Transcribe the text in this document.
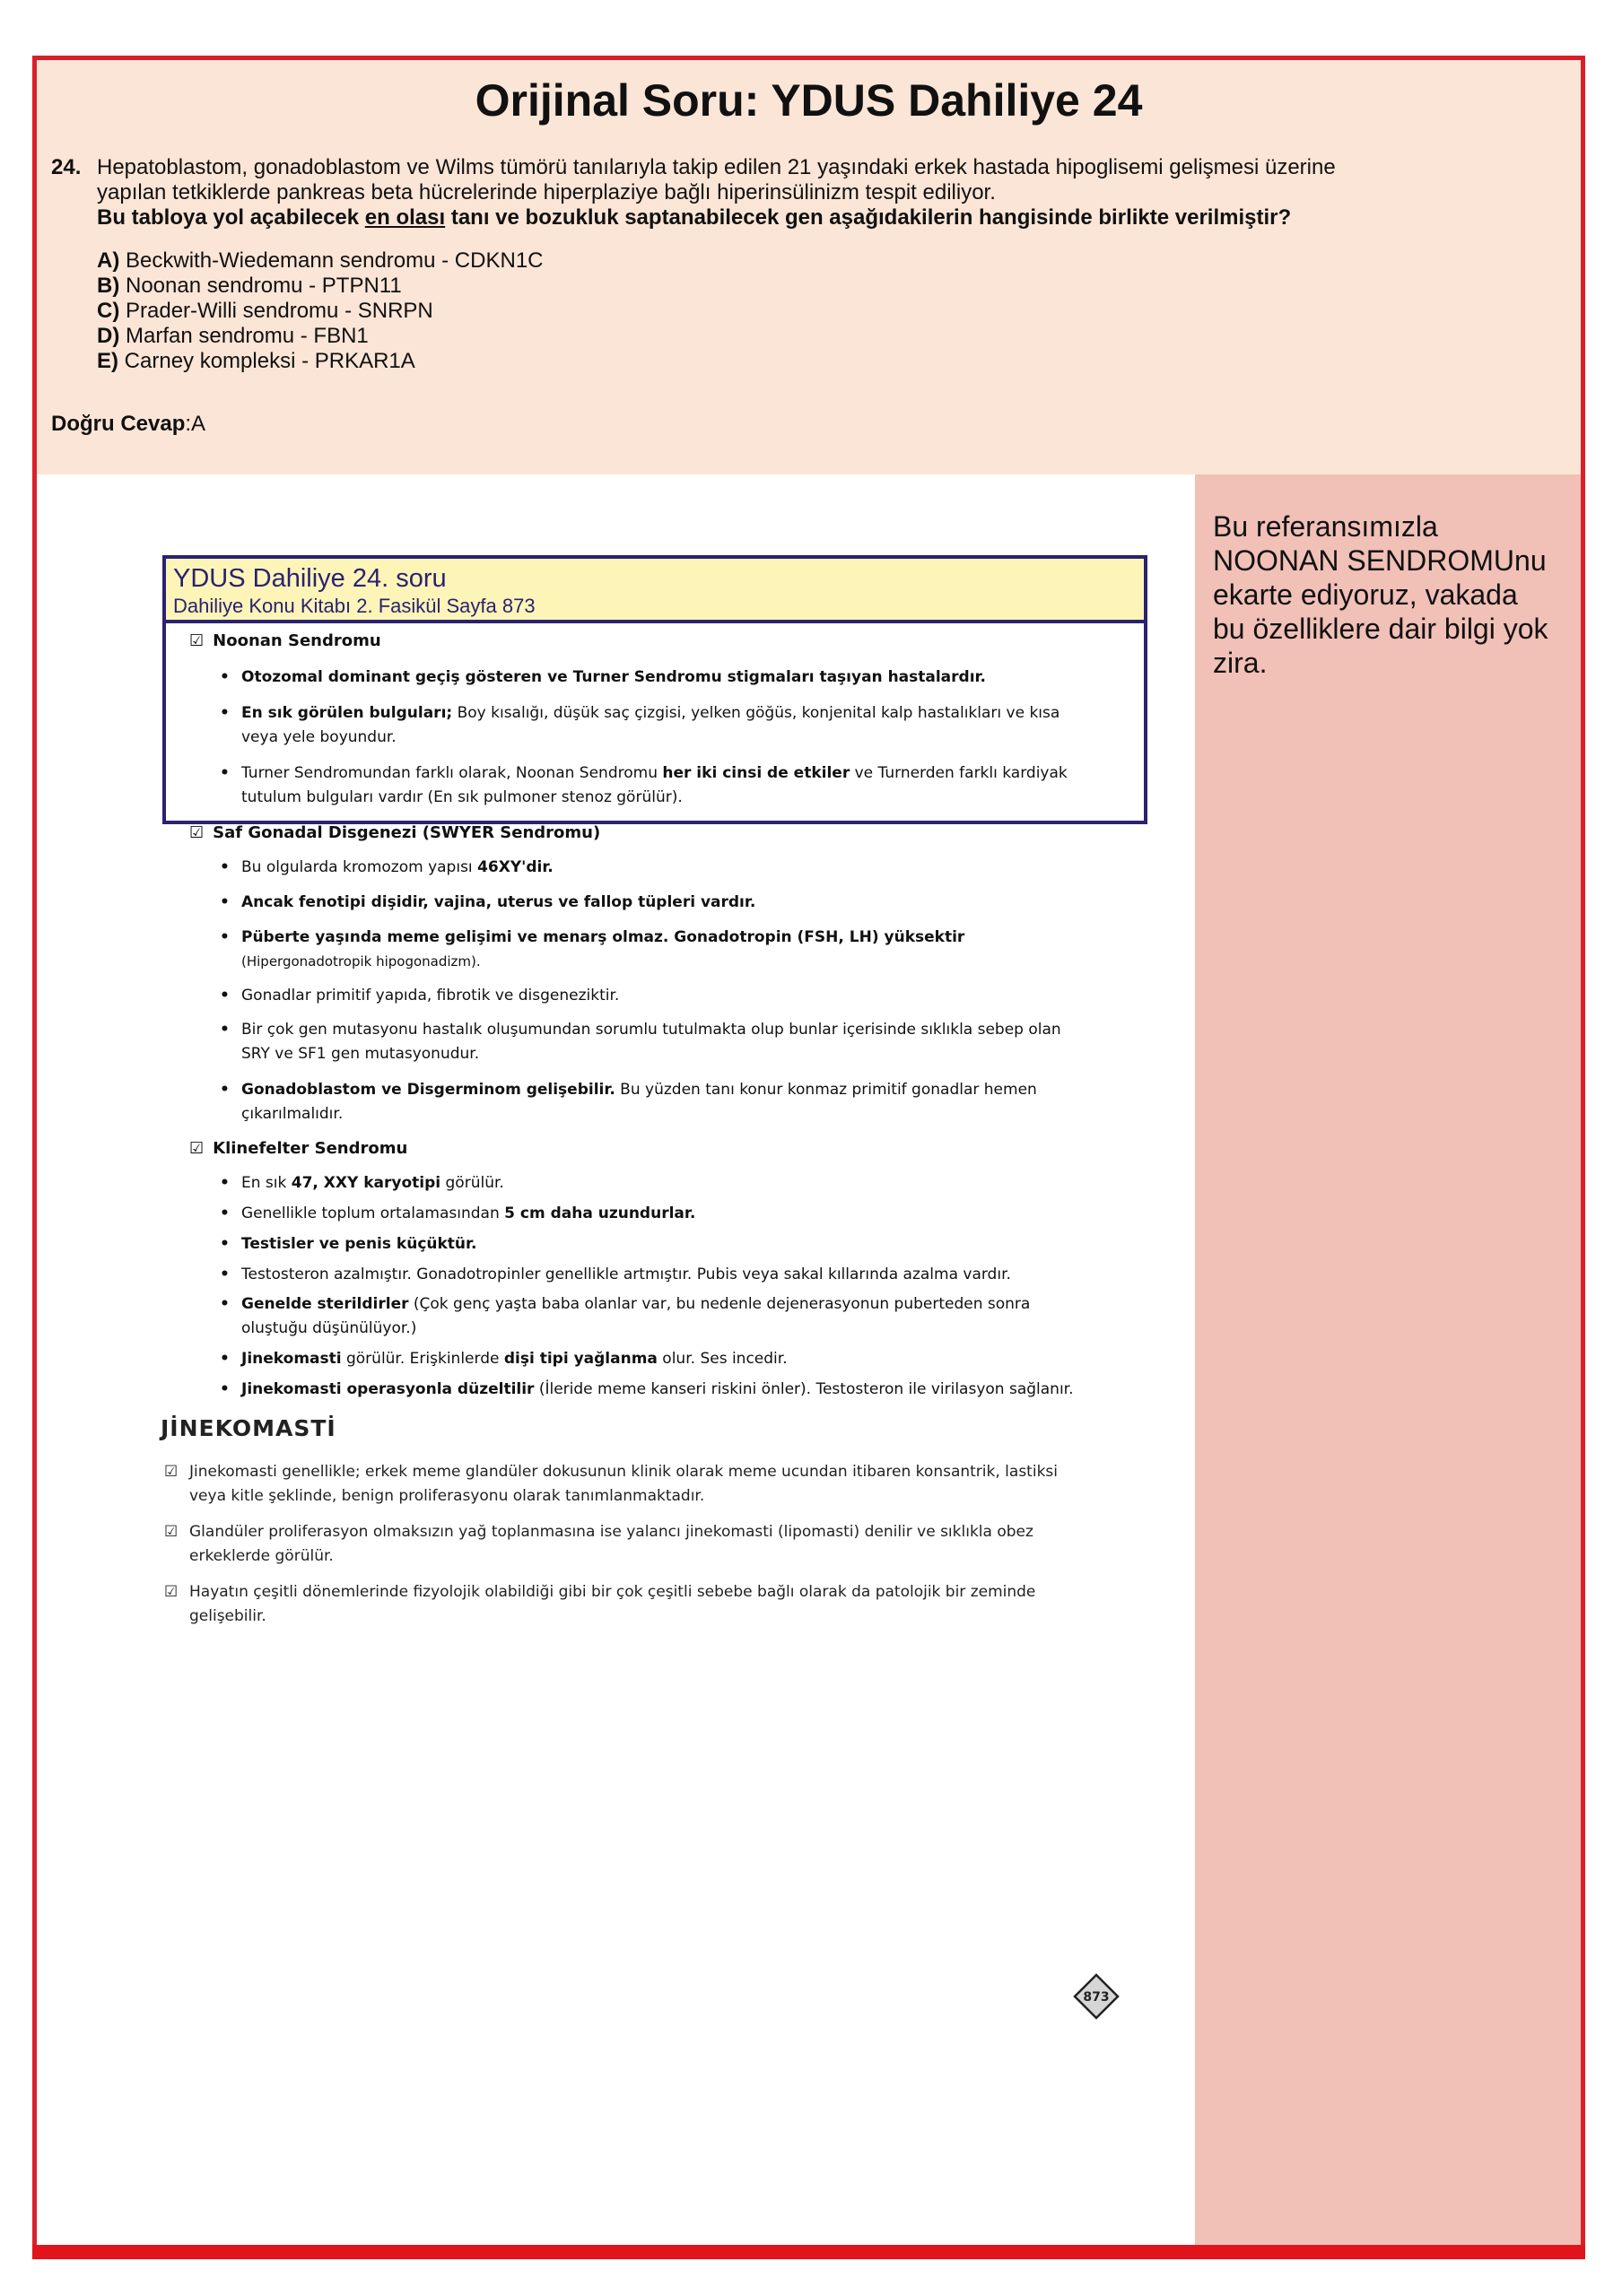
Orijinal Soru: YDUS Dahiliye 24
24. Hepatoblastom, gonadoblastom ve Wilms tümörü tanılarıyla takip edilen 21 yaşındaki erkek hastada hipoglisemi gelişmesi üzerine
yapılan tetkiklerde pankreas beta hücrelerinde hiperplaziye bağlı hiperinsülinizm tespit ediliyor.
Bu tabloya yol açabilecek en olası tanı ve bozukluk saptanabilecek gen aşağıdakilerin hangisinde birlikte verilmiştir?
A) Beckwith-Wiedemann sendromu - CDKN1C
B) Noonan sendromu - PTPN11
C) Prader-Willi sendromu - SNRPN
D) Marfan sendromu - FBN1
E) Carney kompleksi - PRKAR1A
Doğru Cevap:A
Bu referansımızla NOONAN SENDROMUnu ekarte ediyoruz, vakada bu özelliklere dair bilgi yok zira.
☑ Noonan Sendromu
• Otozomal dominant geçiş gösteren ve Turner Sendromu stigmaları taşıyan hastalardır.
• En sık görülen bulguları; Boy kısalığı, düşük saç çizgisi, yelken göğüs, konjenital kalp hastalıkları ve kısa veya yele boyundur.
• Turner Sendromundan farklı olarak, Noonan Sendromu her iki cinsi de etkiler ve Turnerden farklı kardiyak tutulum bulguları vardır (En sık pulmoner stenoz görülür).
☑ Saf Gonadal Disgenezi (SWYER Sendromu)
• Bu olgularda kromozom yapısı 46XY'dir.
• Ancak fenotipi dişidir, vajina, uterus ve fallop tüpleri vardır.
• Püberte yaşında meme gelişimi ve menarş olmaz. Gonadotropin (FSH, LH) yüksektir
(Hipergonadotropik hipogonadizm).
• Gonadlar primitif yapıda, fibrotik ve disgeneziktir.
• Bir çok gen mutasyonu hastalık oluşumundan sorumlu tutulmakta olup bunlar içerisinde sıklıkla sebep olan SRY ve SF1 gen mutasyonudur.
• Gonadoblastom ve Disgerminom gelişebilir. Bu yüzden tanı konur konmaz primitif gonadlar hemen çıkarılmalıdır.
☑ Klinefelter Sendromu
• En sık 47, XXY karyotipi görülür.
• Genellikle toplum ortalamasından 5 cm daha uzundurlar.
• Testisler ve penis küçüktür.
• Testosteron azalmıştır. Gonadotropinler genellikle artmıştır. Pubis veya sakal kıllarında azalma vardır.
• Genelde sterildirler (Çok genç yaşta baba olanlar var, bu nedenle dejenerasyonun puberteden sonra oluştuğu düşünülüyor.)
• Jinekomasti görülür. Erişkinlerde dişi tipi yağlanma olur. Ses incedir.
• Jinekomasti operasyonla düzeltilir (İleride meme kanseri riskini önler). Testosteron ile virilasyon sağlanır.
JİNEKOMASTİ
☑ Jinekomasti genellikle; erkek meme glandüler dokusunun klinik olarak meme ucundan itibaren konsantrik, lastiksi veya kitle şeklinde, benign proliferasyonu olarak tanımlanmaktadır.
☑ Glandüler proliferasyon olmaksızın yağ toplanmasına ise yalancı jinekomasti (lipomasti) denilir ve sıklıkla obez erkeklerde görülür.
☑ Hayatın çeşitli dönemlerinde fizyolojik olabildiği gibi bir çok çeşitli sebebe bağlı olarak da patolojik bir zeminde gelişebilir.
873
YDUS Dahiliye 24. soru
Dahiliye Konu Kitabı 2. Fasikül Sayfa 873
